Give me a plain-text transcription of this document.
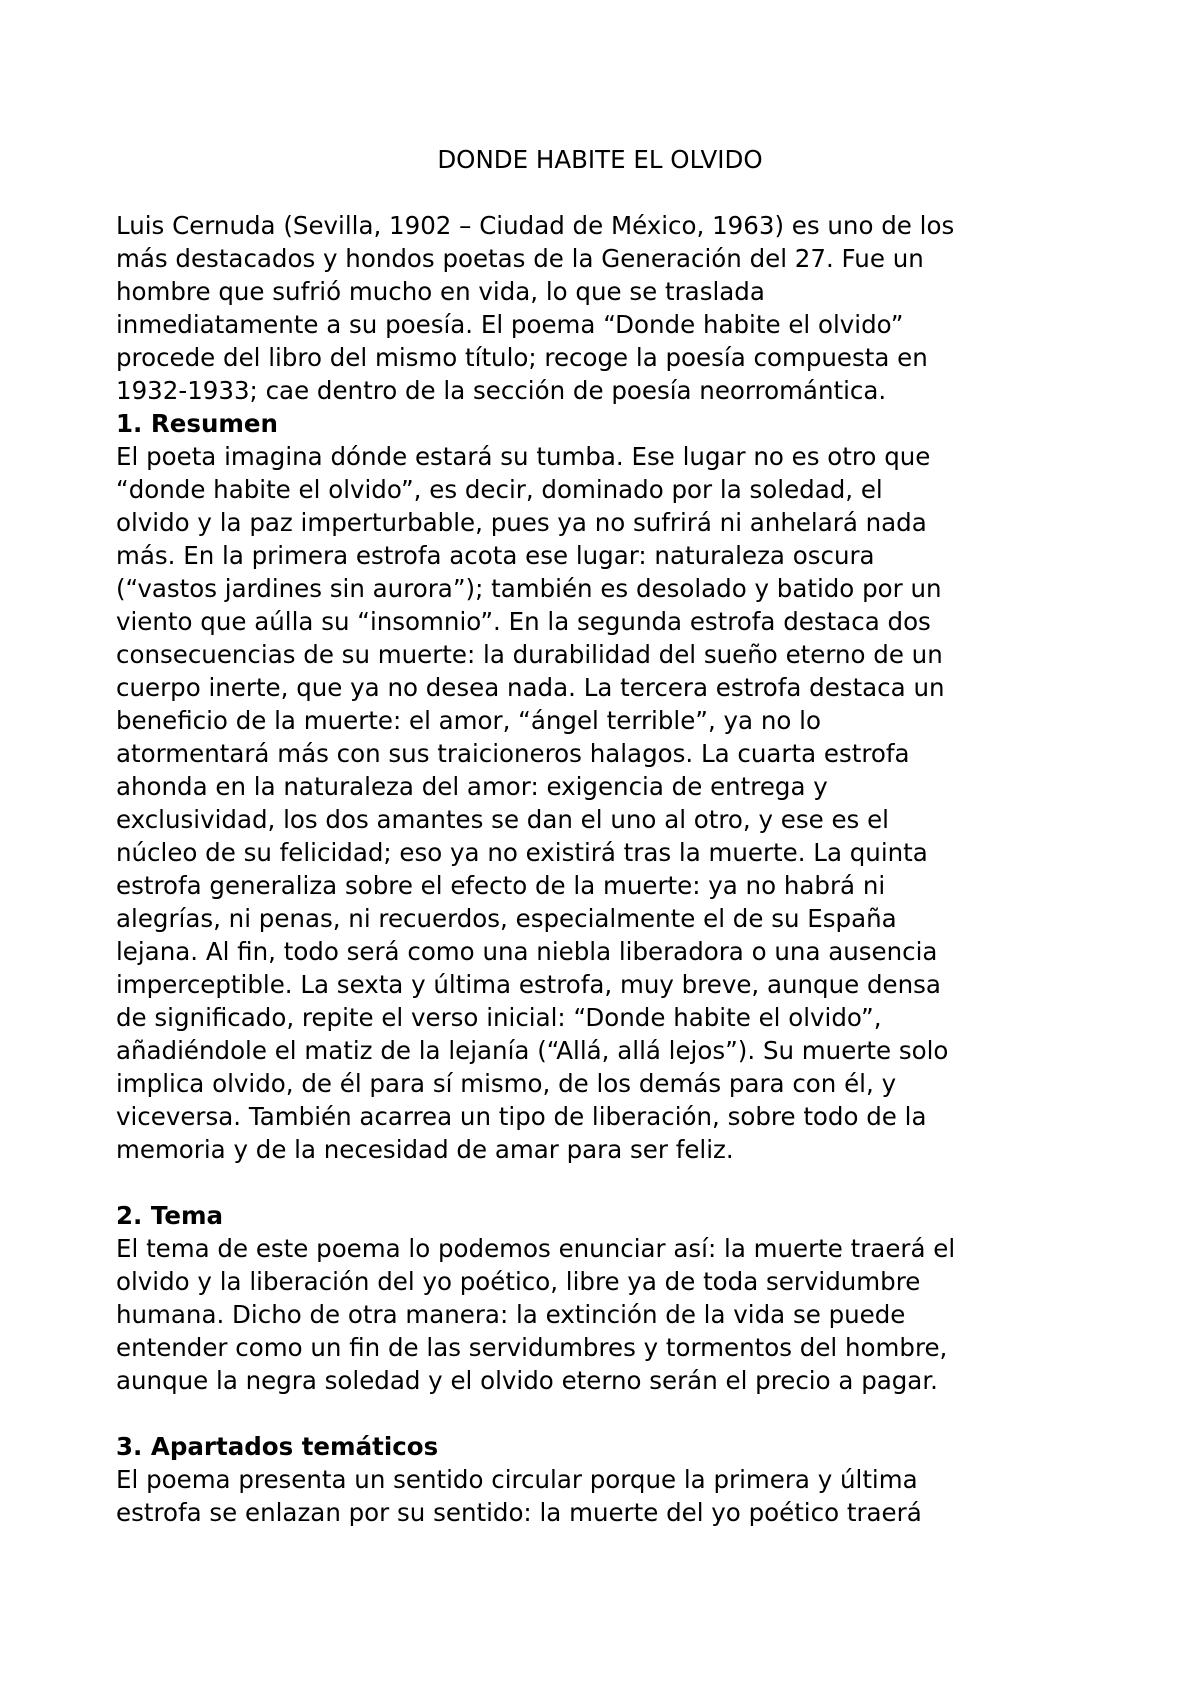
DONDE HABITE EL OLVIDO
Luis Cernuda (Sevilla, 1902 – Ciudad de México, 1963) es uno de los
más destacados y hondos poetas de la Generación del 27. Fue un
hombre que sufrió mucho en vida, lo que se traslada
inmediatamente a su poesía. El poema “Donde habite el olvido”
procede del libro del mismo título; recoge la poesía compuesta en
1932-1933; cae dentro de la sección de poesía neorromántica.
1. Resumen
El poeta imagina dónde estará su tumba. Ese lugar no es otro que
“donde habite el olvido”, es decir, dominado por la soledad, el
olvido y la paz imperturbable, pues ya no sufrirá ni anhelará nada
más. En la primera estrofa acota ese lugar: naturaleza oscura
(“vastos jardines sin aurora”); también es desolado y batido por un
viento que aúlla su “insomnio”. En la segunda estrofa destaca dos
consecuencias de su muerte: la durabilidad del sueño eterno de un
cuerpo inerte, que ya no desea nada. La tercera estrofa destaca un
beneficio de la muerte: el amor, “ángel terrible”, ya no lo
atormentará más con sus traicioneros halagos. La cuarta estrofa
ahonda en la naturaleza del amor: exigencia de entrega y
exclusividad, los dos amantes se dan el uno al otro, y ese es el
núcleo de su felicidad; eso ya no existirá tras la muerte. La quinta
estrofa generaliza sobre el efecto de la muerte: ya no habrá ni
alegrías, ni penas, ni recuerdos, especialmente el de su España
lejana. Al fin, todo será como una niebla liberadora o una ausencia
imperceptible. La sexta y última estrofa, muy breve, aunque densa
de significado, repite el verso inicial: “Donde habite el olvido”,
añadiéndole el matiz de la lejanía (“Allá, allá lejos”). Su muerte solo
implica olvido, de él para sí mismo, de los demás para con él, y
viceversa. También acarrea un tipo de liberación, sobre todo de la
memoria y de la necesidad de amar para ser feliz.
2. Tema
El tema de este poema lo podemos enunciar así: la muerte traerá el
olvido y la liberación del yo poético, libre ya de toda servidumbre
humana. Dicho de otra manera: la extinción de la vida se puede
entender como un fin de las servidumbres y tormentos del hombre,
aunque la negra soledad y el olvido eterno serán el precio a pagar.
3. Apartados temáticos
El poema presenta un sentido circular porque la primera y última
estrofa se enlazan por su sentido: la muerte del yo poético traerá
